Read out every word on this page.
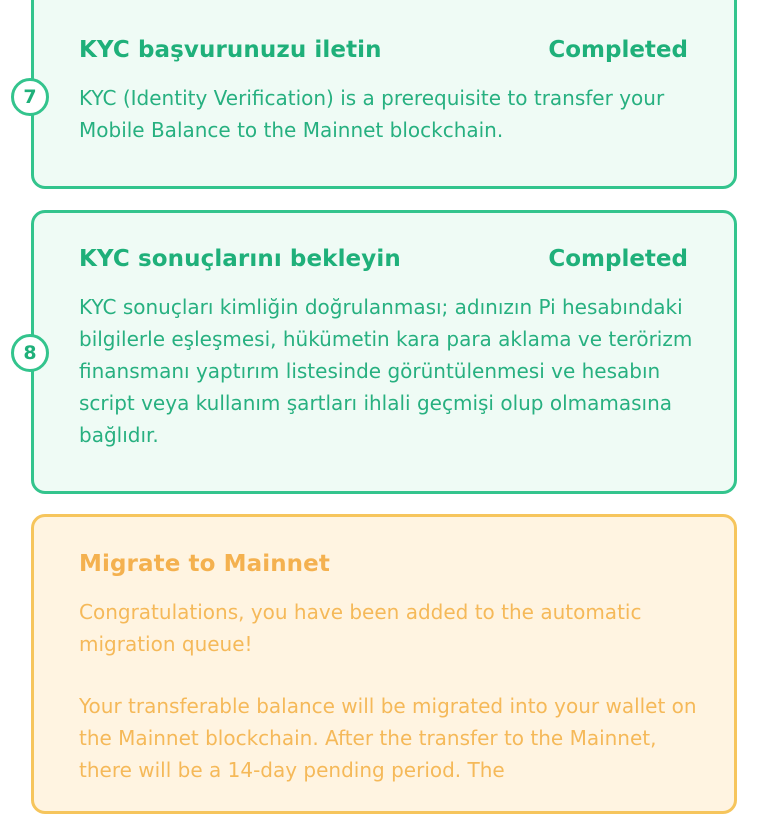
KYC başvurunuzu iletin	Completed
KYC (Identity Verification) is a prerequisite to transfer your Mobile Balance to the Mainnet blockchain.
7
KYC sonuçlarını bekleyin	Completed
KYC sonuçları kimliğin doğrulanması; adınızın Pi hesabındaki bilgilerle eşleşmesi, hükümetin kara para aklama ve terörizm finansmanı yaptırım listesinde görüntülenmesi ve hesabın script veya kullanım şartları ihlali geçmişi olup olmamasına bağlıdır.
8
Migrate to Mainnet
Congratulations, you have been added to the automatic migration queue!
Your transferable balance will be migrated into your wallet on the Mainnet blockchain. After the transfer to the Mainnet, there will be a 14-day pending period. The
